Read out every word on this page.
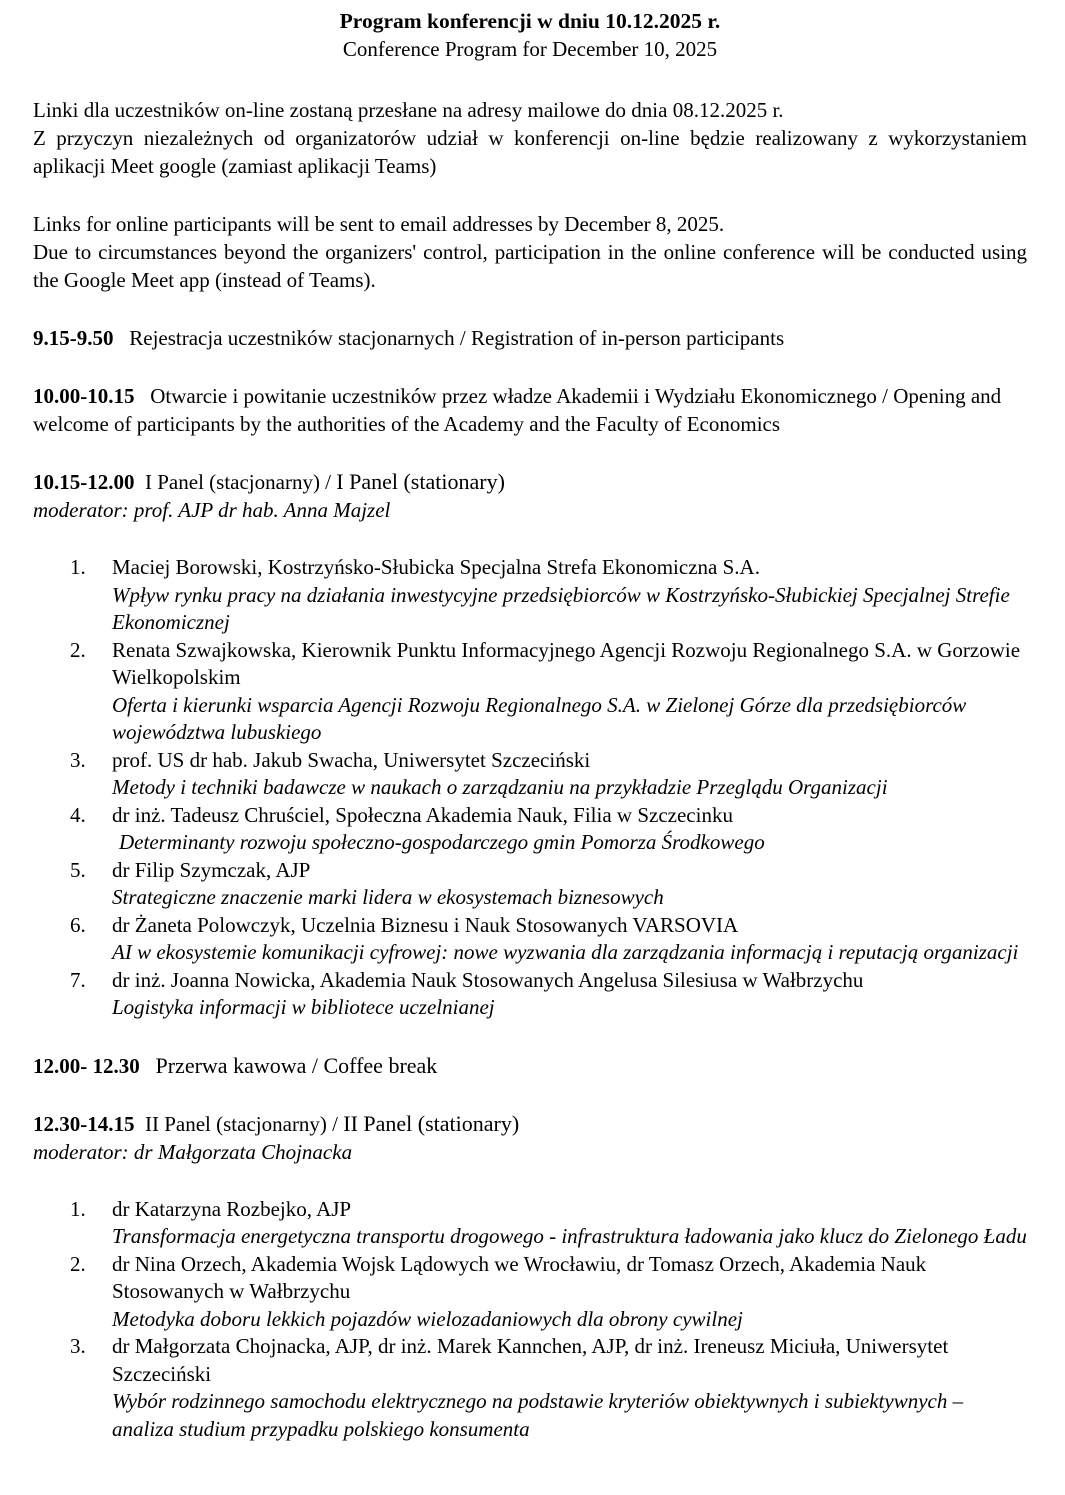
Program konferencji w dniu 10.12.2025 r.
Conference Program for December 10, 2025

Linki dla uczestników on-line zostaną przesłane na adresy mailowe do dnia 08.12.2025 r.

Z przyczyn niezależnych od organizatorów udział w konferencji on-line będzie realizowany z wykorzystaniem aplikacji Meet google (zamiast aplikacji Teams)

Links for online participants will be sent to email addresses by December 8, 2025.

Due to circumstances beyond the organizers' control, participation in the online conference will be conducted using the Google Meet app (instead of Teams).

9.15-9.50 Rejestracja uczestników stacjonarnych / Registration of in-person participants

10.00-10.15 Otwarcie i powitanie uczestników przez władze Akademii i Wydziału Ekonomicznego / Opening and welcome of participants by the authorities of the Academy and the Faculty of Economics

10.15-12.00 I Panel (stacjonarny) / I Panel (stationary)

moderator: prof. AJP dr hab. Anna Majzel

1.	Maciej Borowski, Kostrzyńsko-Słubicka Specjalna Strefa Ekonomiczna S.A.
Wpływ rynku pracy na działania inwestycyjne przedsiębiorców w Kostrzyńsko-Słubickiej Specjalnej Strefie Ekonomicznej
2.	Renata Szwajkowska, Kierownik Punktu Informacyjnego Agencji Rozwoju Regionalnego S.A. w Gorzowie Wielkopolskim
Oferta i kierunki wsparcia Agencji Rozwoju Regionalnego S.A. w Zielonej Górze dla przedsiębiorców województwa lubuskiego
3.	prof. US dr hab. Jakub Swacha, Uniwersytet Szczeciński
Metody i techniki badawcze w naukach o zarządzaniu na przykładzie Przeglądu Organizacji
4.	dr inż. Tadeusz Chruściel, Społeczna Akademia Nauk, Filia w Szczecinku
Determinanty rozwoju społeczno-gospodarczego gmin Pomorza Środkowego
5.	dr Filip Szymczak, AJP
Strategiczne znaczenie marki lidera w ekosystemach biznesowych
6.	dr Żaneta Polowczyk, Uczelnia Biznesu i Nauk Stosowanych VARSOVIA
AI w ekosystemie komunikacji cyfrowej: nowe wyzwania dla zarządzania informacją i reputacją organizacji
7.	dr inż. Joanna Nowicka, Akademia Nauk Stosowanych Angelusa Silesiusa w Wałbrzychu
Logistyka informacji w bibliotece uczelnianej

12.00- 12.30 Przerwa kawowa / Coffee break

12.30-14.15 II Panel (stacjonarny) / II Panel (stationary)

moderator: dr Małgorzata Chojnacka

1.	dr Katarzyna Rozbejko, AJP
Transformacja energetyczna transportu drogowego - infrastruktura ładowania jako klucz do Zielonego Ładu
2.	dr Nina Orzech, Akademia Wojsk Lądowych we Wrocławiu, dr Tomasz Orzech, Akademia Nauk Stosowanych w Wałbrzychu
Metodyka doboru lekkich pojazdów wielozadaniowych dla obrony cywilnej
3.	dr Małgorzata Chojnacka, AJP, dr inż. Marek Kannchen, AJP, dr inż. Ireneusz Miciuła, Uniwersytet Szczeciński
Wybór rodzinnego samochodu elektrycznego na podstawie kryteriów obiektywnych i subiektywnych – analiza studium przypadku polskiego konsumenta
